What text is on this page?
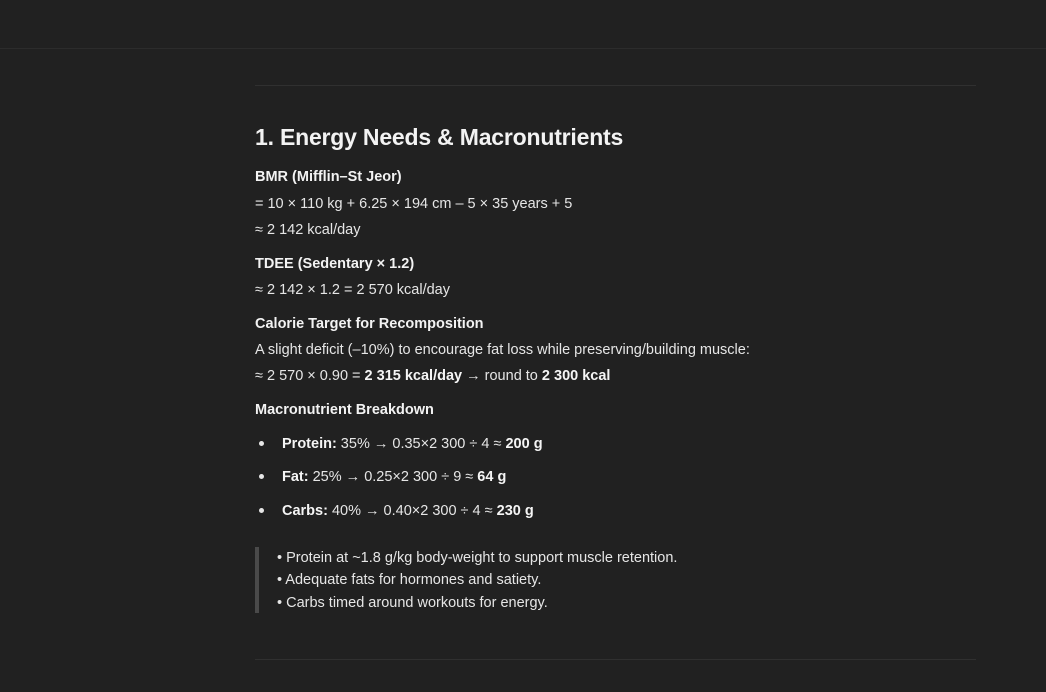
1. Energy Needs & Macronutrients

BMR (Mifflin–St Jeor)

= 10 × 110 kg + 6.25 × 194 cm – 5 × 35 years + 5

≈ 2 142 kcal/day

TDEE (Sedentary × 1.2)

≈ 2 142 × 1.2 = 2 570 kcal/day

Calorie Target for Recomposition

A slight deficit (–10%) to encourage fat loss while preserving/building muscle:

≈ 2 570 × 0.90 = 2 315 kcal/day → round to 2 300 kcal

Macronutrient Breakdown

Protein: 35% → 0.35×2 300 ÷ 4 ≈ 200 g
Fat: 25% → 0.25×2 300 ÷ 9 ≈ 64 g
Carbs: 40% → 0.40×2 300 ÷ 4 ≈ 230 g
• Protein at ~1.8 g/kg body-weight to support muscle retention.
• Adequate fats for hormones and satiety.
• Carbs timed around workouts for energy.
